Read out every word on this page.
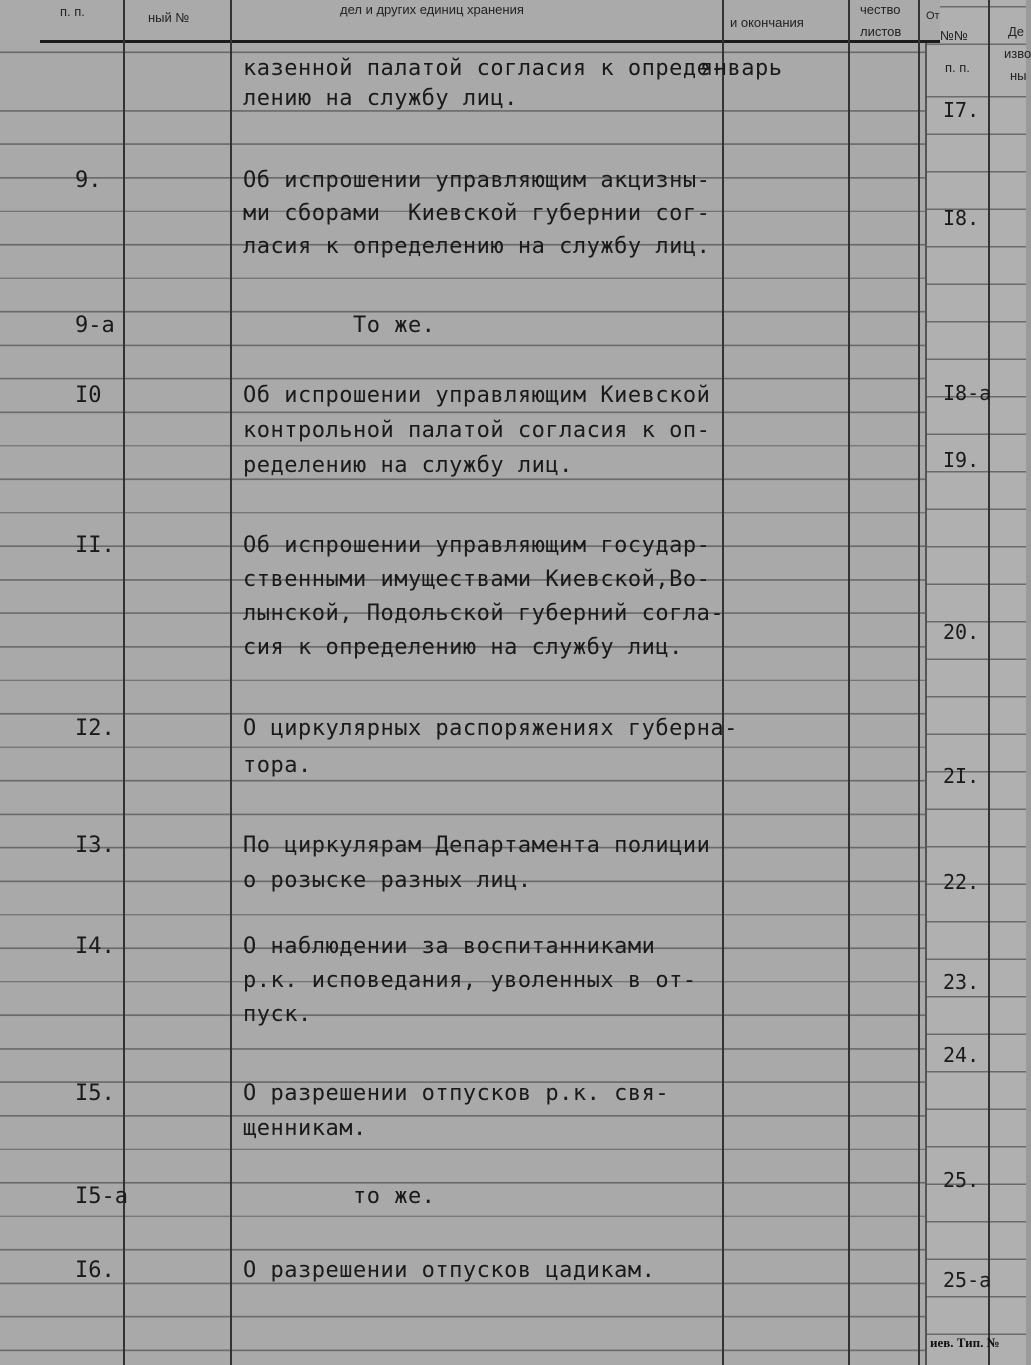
п. п.	ный №
дел и других единиц хранения
и окончания
чество
листов
От
№№
п. п.
Де
изво
ны
казенной палатой согласия к опреде-
январь
лению на службу лиц.
9.	Об испрошении управляющим акцизны-
ми сборами  Киевской губернии сог-
ласия к определению на службу лиц.
9-а	То же.
I0	Об испрошении управляющим Киевской
контрольной палатой согласия к оп-
ределению на службу лиц.
II.	Об испрошении управляющим государ-
ственными имуществами Киевской,Во-
лынской, Подольской губерний согла-
сия к определению на службу лиц.
I2.	О циркулярных распоряжениях губерна-
тора.
I3.	По циркулярам Департамента полиции
о розыске разных лиц.
I4.	О наблюдении за воспитанниками
р.к. исповедания, уволенных в от-
пуск.
I5.	О разрешении отпусков р.к. свя-
щенникам.
I5-а	то же.
I6.	О разрешении отпусков цадикам.
I7.
I8.
I8-а
I9.
20.
2I.
22.
23.
24.
25.
25-а
иев. Тип. №
